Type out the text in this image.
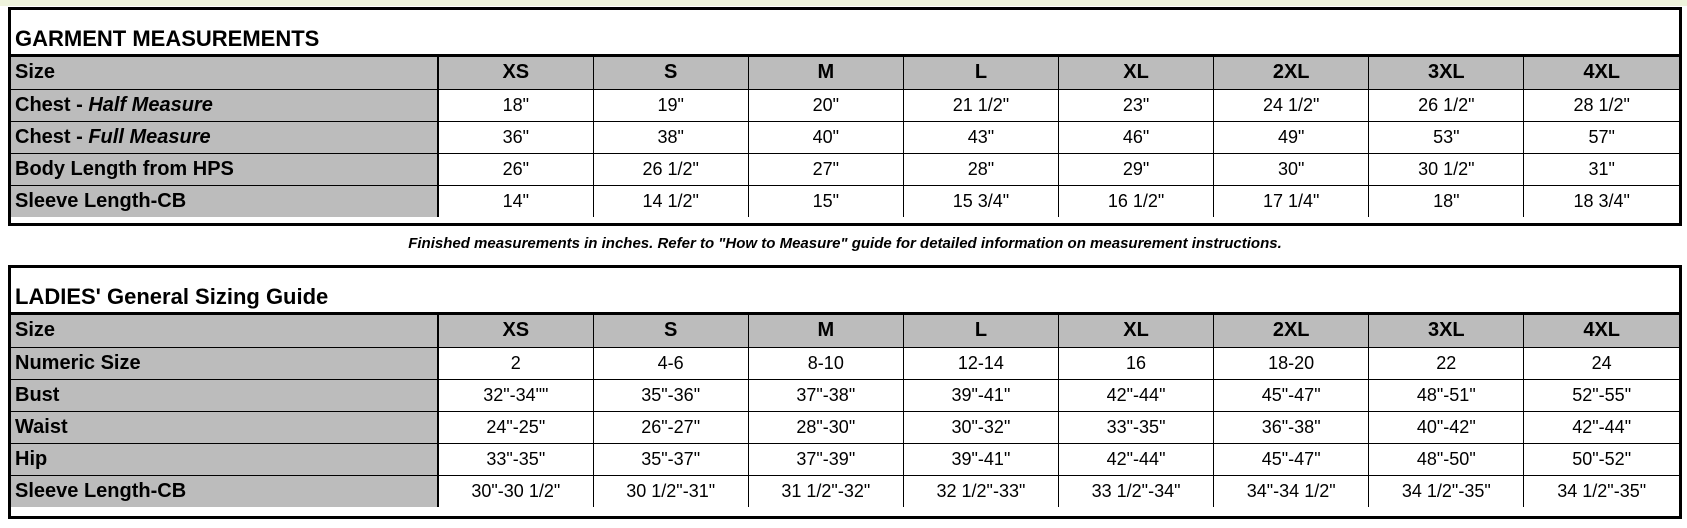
GARMENT MEASUREMENTS
Size	XS	S	M	L	XL	2XL	3XL	4XL
Chest - Half Measure	18"	19"	20"	21 1/2"	23"	24 1/2"	26 1/2"	28 1/2"
Chest - Full Measure	36"	38"	40"	43"	46"	49"	53"	57"
Body Length from HPS	26"	26 1/2"	27"	28"	29"	30"	30 1/2"	31"
Sleeve Length-CB	14"	14 1/2"	15"	15 3/4"	16 1/2"	17 1/4"	18"	18 3/4"
Finished measurements in inches. Refer to "How to Measure" guide for detailed information on measurement instructions.
LADIES' General Sizing Guide
Size	XS	S	M	L	XL	2XL	3XL	4XL
Numeric Size	2	4-6	8-10	12-14	16	18-20	22	24
Bust	32"-34""	35"-36"	37"-38"	39"-41"	42"-44"	45"-47"	48"-51"	52"-55"
Waist	24"-25"	26"-27"	28"-30"	30"-32"	33"-35"	36"-38"	40"-42"	42"-44"
Hip	33"-35"	35"-37"	37"-39"	39"-41"	42"-44"	45"-47"	48"-50"	50"-52"
Sleeve Length-CB	30"-30 1/2"	30 1/2"-31"	31 1/2"-32"	32 1/2"-33"	33 1/2"-34"	34"-34 1/2"	34 1/2"-35"	34 1/2"-35"
